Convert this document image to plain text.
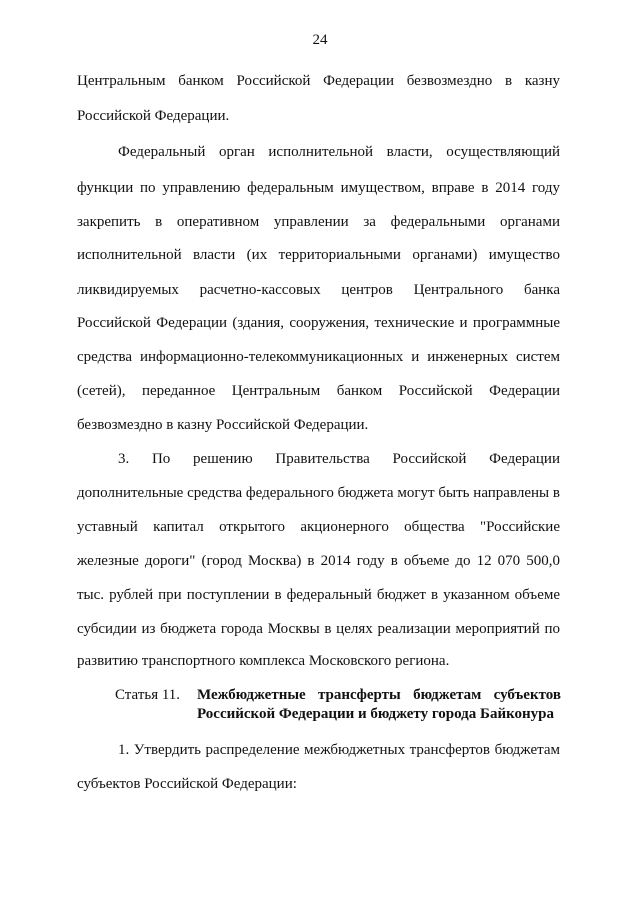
24
Центральным банком Российской Федерации безвозмездно в казну
Российской Федерации.
Федеральный орган исполнительной власти, осуществляющий
функции по управлению федеральным имуществом, вправе в 2014 году
закрепить в оперативном управлении за федеральными органами
исполнительной власти (их территориальными органами) имущество
ликвидируемых расчетно-кассовых центров Центрального банка
Российской Федерации (здания, сооружения, технические и программные
средства информационно-телекоммуникационных и инженерных систем
(сетей), переданное Центральным банком Российской Федерации
безвозмездно в казну Российской Федерации.
3. По решению Правительства Российской Федерации
дополнительные средства федерального бюджета могут быть направлены в
уставный капитал открытого акционерного общества "Российские
железные дороги" (город Москва) в 2014 году в объеме до 12 070 500,0
тыс. рублей при поступлении в федеральный бюджет в указанном объеме
субсидии из бюджета города Москвы в целях реализации мероприятий по
развитию транспортного комплекса Московского региона.
Статья 11. Межбюджетные трансферты бюджетам субъектов
Российской Федерации и бюджету города Байконура
1. Утвердить распределение межбюджетных трансфертов бюджетам
субъектов Российской Федерации:
